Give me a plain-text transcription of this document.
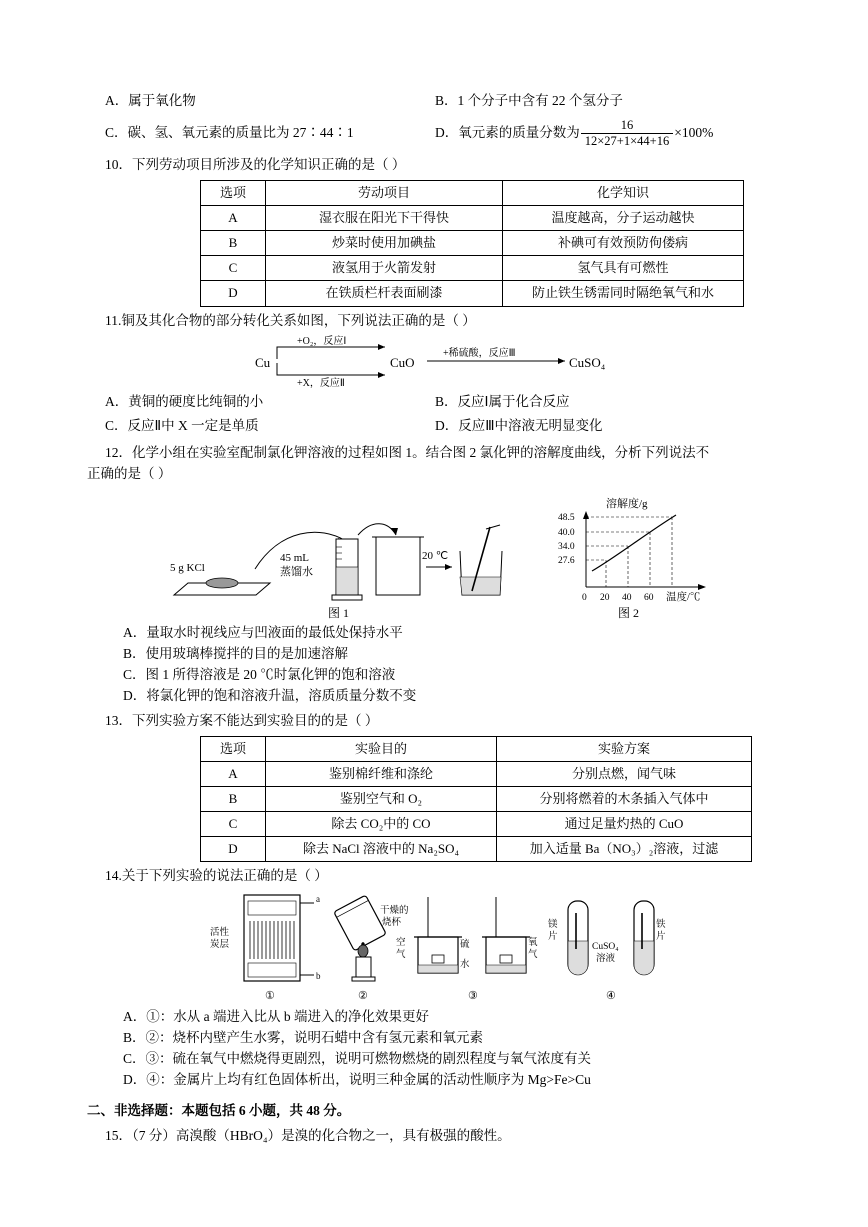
A．属于氧化物	B．1 个分子中含有 22 个氢分子
C．碳、氢、氧元素的质量比为 27∶44∶1	D． 氧元素的质量分数为 $\frac{16}{12\times 27+1\times 44+16} \times 100\%$
10．下列劳动项目所涉及的化学知识正确的是（ ）
选项	劳动项目	化学知识
A	湿衣服在阳光下干得快	温度越高，分子运动越快
B	炒菜时使用加碘盐	补碘可有效预防佝偻病
C	液氢用于火箭发射	氢气具有可燃性
D	在铁质栏杆表面刷漆	防止铁生锈需同时隔绝氧气和水
11.铜及其化合物的部分转化关系如图，下列说法正确的是（ ）
Cu
+O₂，反应Ⅰ
+X，反应Ⅱ
CuO
+稀硫酸，反应Ⅲ
CuSO₄
A．黄铜的硬度比纯铜的小	B．反应Ⅰ属于化合反应
C．反应Ⅱ中 X 一定是单质	D．反应Ⅲ中溶液无明显变化
12．化学小组在实验室配制氯化钾溶液的过程如图 1。结合图 2 氯化钾的溶解度曲线，分析下列说法不
正确的是（ ）
5 g KCl
45 mL
蒸馏水
20 ℃
图 1
溶解度/g
48.5
40.0
34.0
27.6
0 20 40 60 温度/℃
图 2
A．量取水时视线应与凹液面的最低处保持水平
B．使用玻璃棒搅拌的目的是加速溶解
C．图 1 所得溶液是 20 ℃时氯化钾的饱和溶液
D．将氯化钾的饱和溶液升温，溶质质量分数不变
13．下列实验方案不能达到实验目的的是（ ）
选项	实验目的	实验方案
A	鉴别棉纤维和涤纶	分别点燃，闻气味
B	鉴别空气和 O₂	分别将燃着的木条插入气体中
C	除去 CO₂中的 CO	通过足量灼热的 CuO
D	除去 NaCl 溶液中的 Na₂SO₄	加入适量 Ba（NO₃）₂溶液，过滤
14.关于下列实验的说法正确的是（ ）
a
b
活性
炭层
①
干燥的
烧杯
②
空
气
硫
水
氧
气
③
镁
片
铁
片
CuSO₄
溶液
④
A．①：水从 a 端进入比从 b 端进入的净化效果更好
B．②：烧杯内壁产生水雾，说明石蜡中含有氢元素和氧元素
C．③：硫在氧气中燃烧得更剧烈，说明可燃物燃烧的剧烈程度与氧气浓度有关
D．④：金属片上均有红色固体析出，说明三种金属的活动性顺序为 Mg>Fe>Cu
二、非选择题：本题包括 6 小题，共 48 分。
15．（7 分）高溴酸（HBrO₄）是溴的化合物之一，具有极强的酸性。
